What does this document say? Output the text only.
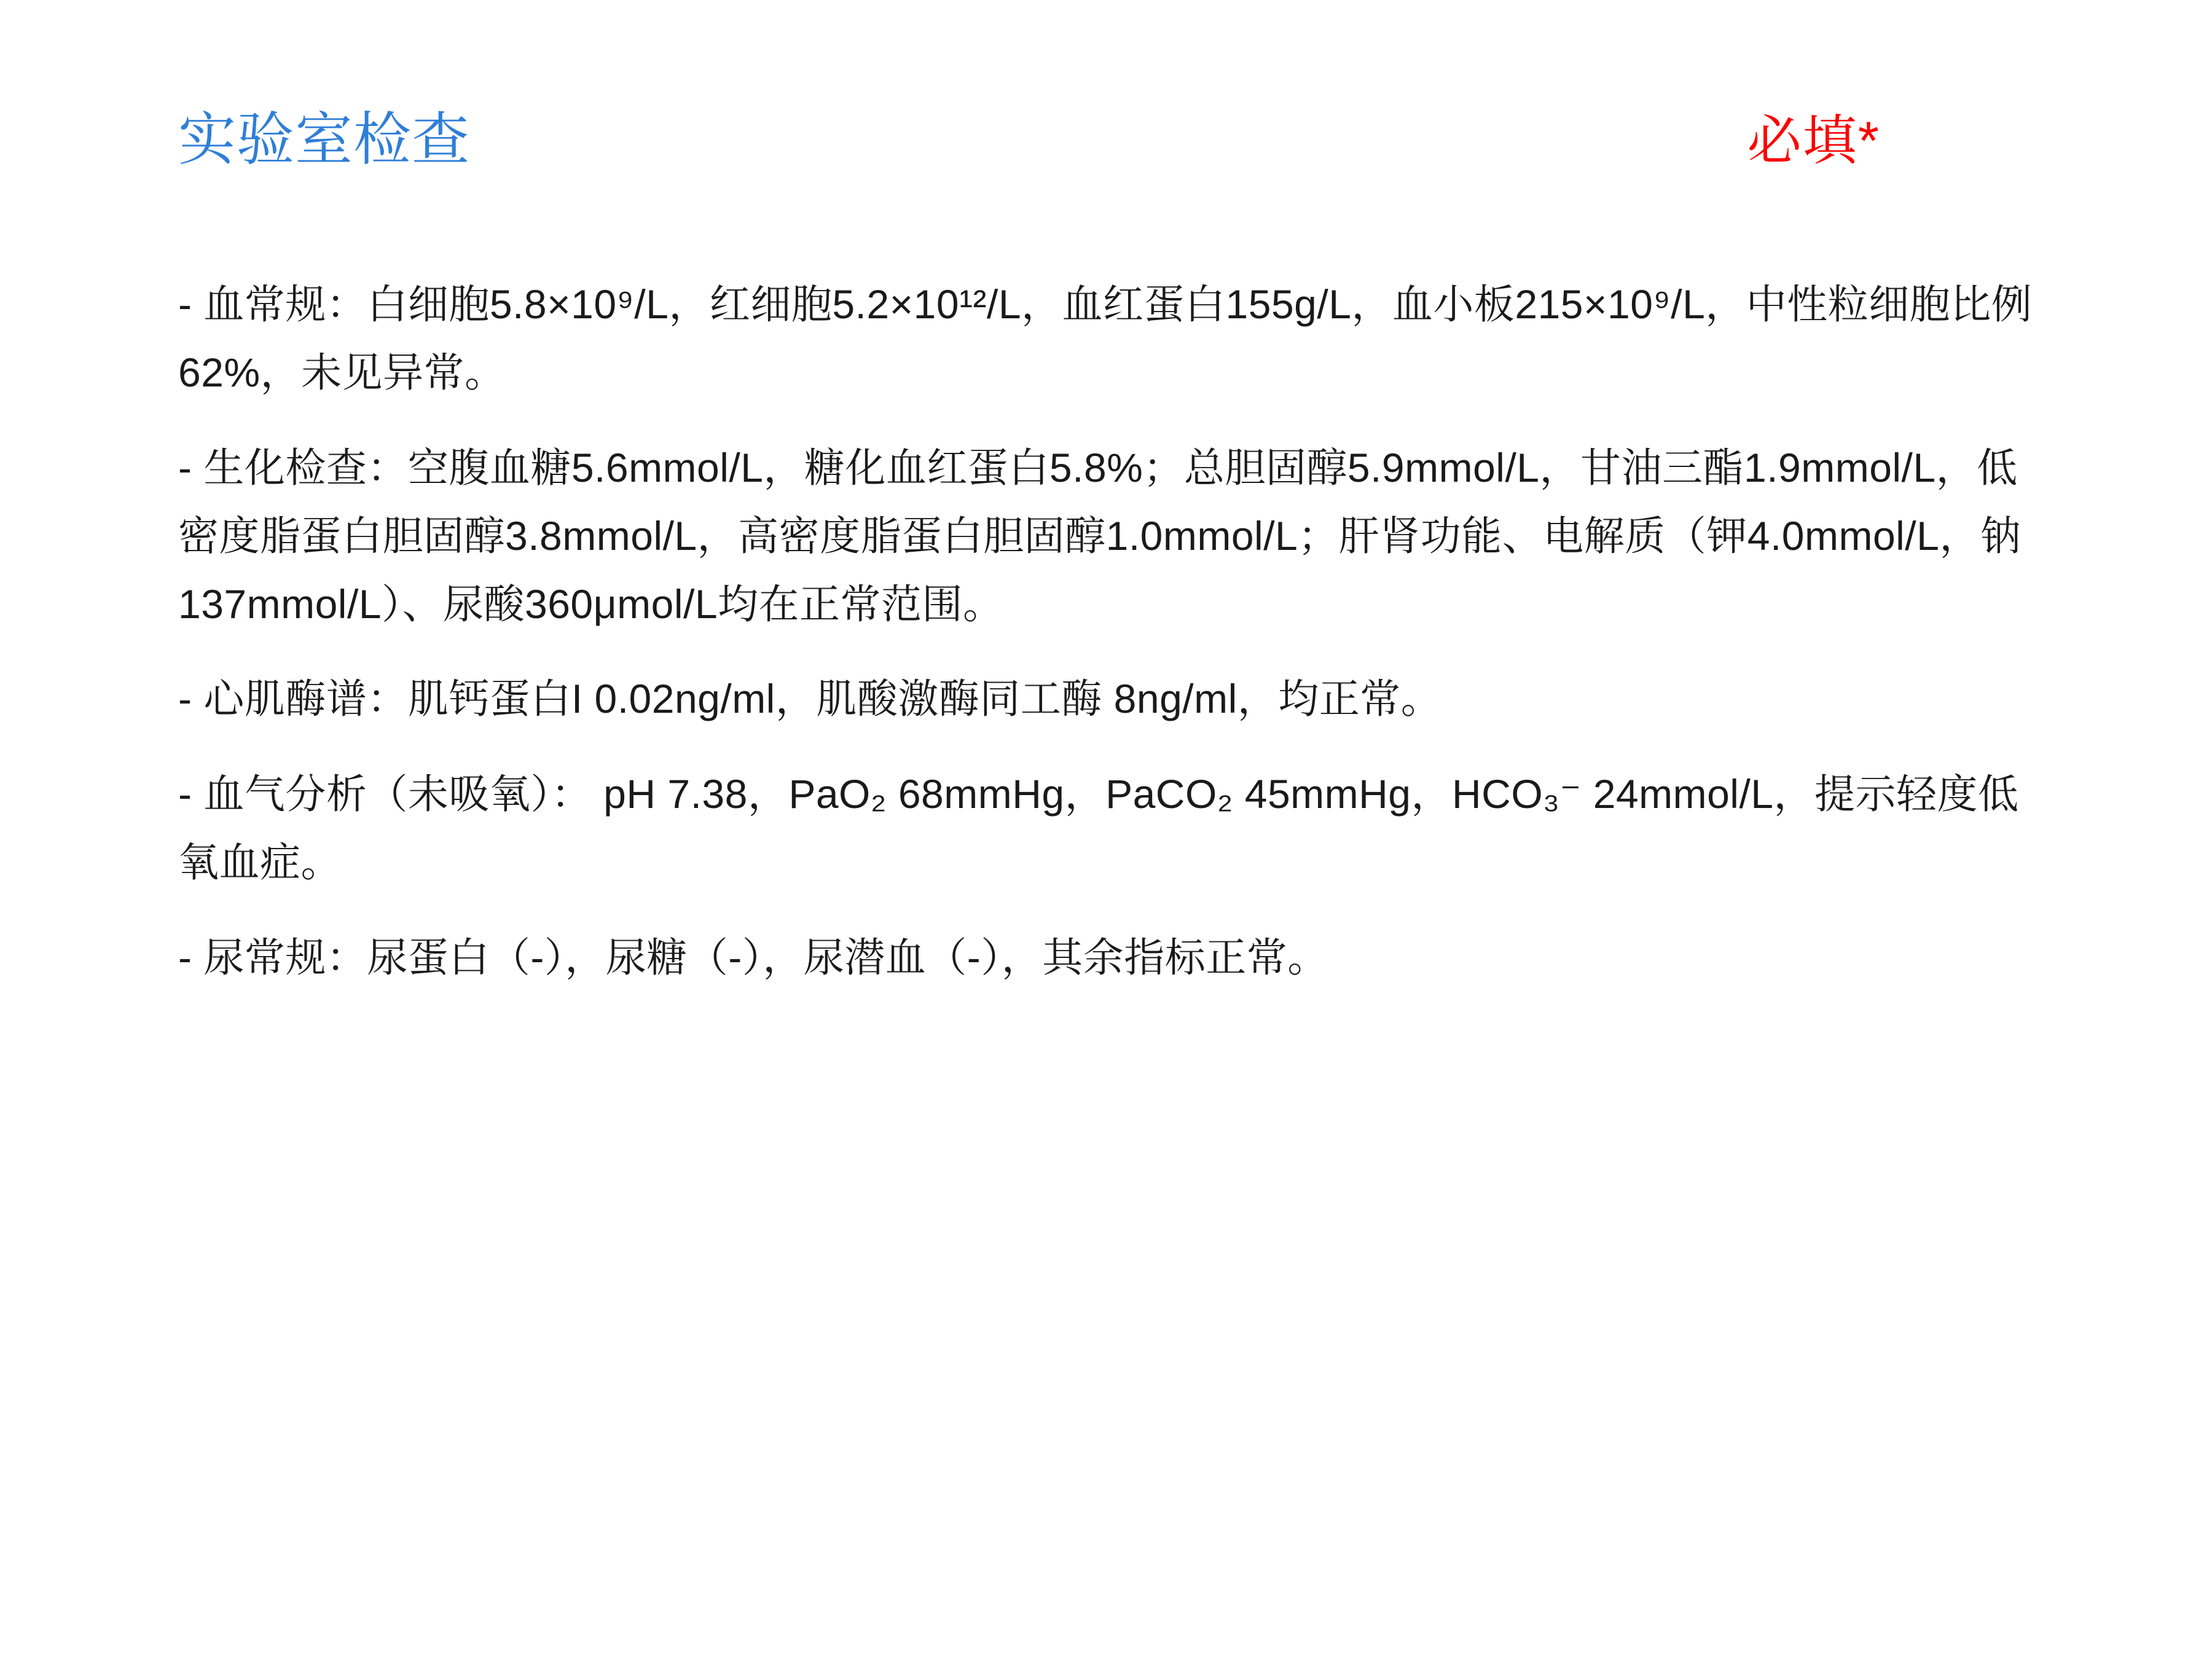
实验室检查	必填*

- 血常规：白细胞5.8×10⁹/L，红细胞5.2×10¹²/L，血红蛋白155g/L，血小板215×10⁹/L，中性粒细胞比例62%，未见异常。

- 生化检查：空腹血糖5.6mmol/L，糖化血红蛋白5.8%；总胆固醇5.9mmol/L，甘油三酯1.9mmol/L，低密度脂蛋白胆固醇3.8mmol/L，高密度脂蛋白胆固醇1.0mmol/L；肝肾功能、电解质（钾4.0mmol/L，钠137mmol/L）、尿酸360μmol/L均在正常范围。

- 心肌酶谱：肌钙蛋白I 0.02ng/ml，肌酸激酶同工酶 8ng/ml，均正常。

- 血气分析（未吸氧）： pH 7.38，PaO₂ 68mmHg，PaCO₂ 45mmHg，HCO₃⁻ 24mmol/L，提示轻度低氧血症。

- 尿常规：尿蛋白（-），尿糖（-），尿潜血（-），其余指标正常。
